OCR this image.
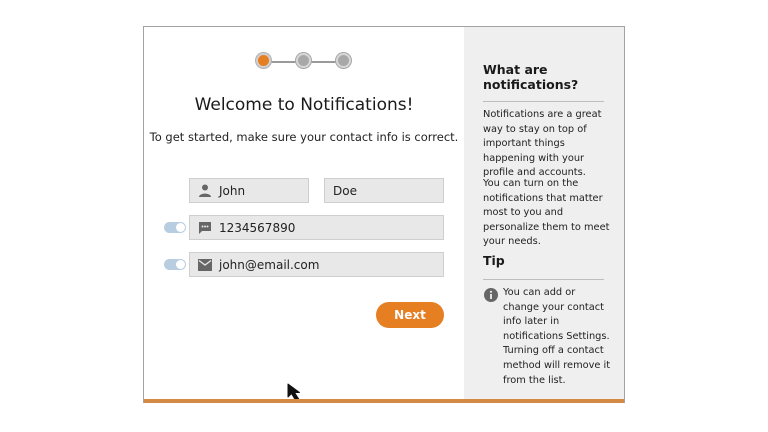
Welcome to Notifications!
To get started, make sure your contact info is correct.
John	Doe
1234567890
john@email.com
Next
What are notifications?
Notifications are a great way to stay on top of important things happening with your profile and accounts.
You can turn on the notifications that matter most to you and personalize them to meet your needs.
Tip
You can add or change your contact info later in notifications Settings. Turning off a contact method will remove it from the list.
